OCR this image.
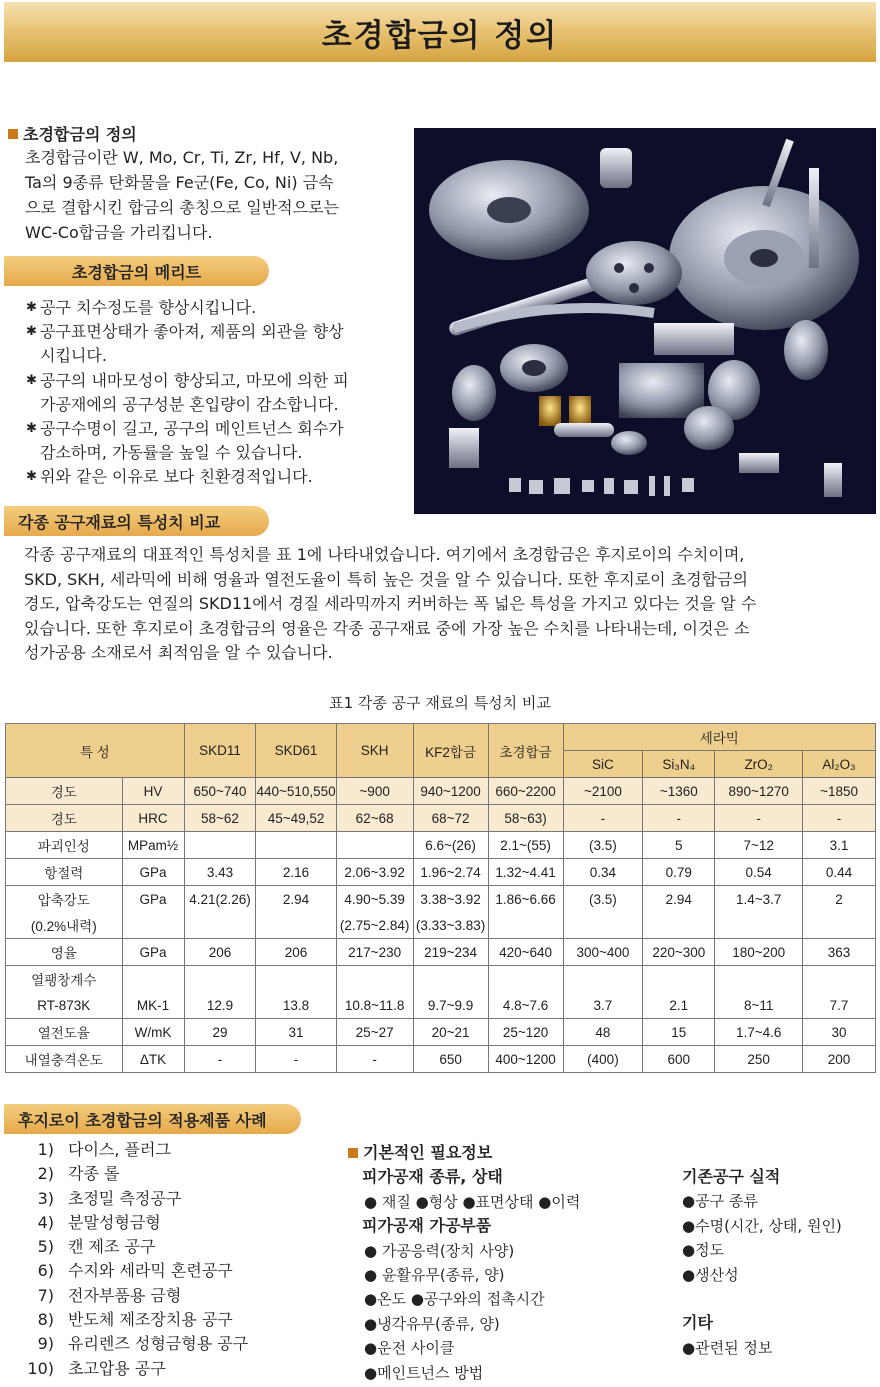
초경합금의 정의
초경합금의 정의
초경합금이란 W, Mo, Cr, Ti, Zr, Hf, V, Nb,
Ta의 9종류 탄화물을 Fe군(Fe, Co, Ni) 금속
으로 결합시킨 합금의 총칭으로 일반적으로는
WC-Co합금을 가리킵니다.
초경합금의 메리트
✱ 공구 치수정도를 향상시킵니다.
✱ 공구표면상태가 좋아져, 제품의 외관을 향상
시킵니다.
✱ 공구의 내마모성이 향상되고, 마모에 의한 피
가공재에의 공구성분 혼입량이 감소합니다.
✱ 공구수명이 길고, 공구의 메인트넌스 회수가
감소하며, 가동률을 높일 수 있습니다.
✱ 위와 같은 이유로 보다 친환경적입니다.
각종 공구재료의 특성치 비교
각종 공구재료의 대표적인 특성치를 표 1에 나타내었습니다. 여기에서 초경합금은 후지로이의 수치이며,
SKD, SKH, 세라믹에 비해 영율과 열전도율이 특히 높은 것을 알 수 있습니다. 또한 후지로이 초경합금의
경도, 압축강도는 연질의 SKD11에서 경질 세라믹까지 커버하는 폭 넓은 특성을 가지고 있다는 것을 알 수
있습니다. 또한 후지로이 초경합금의 영율은 각종 공구재료 중에 가장 높은 수치를 나타내는데, 이것은 소
성가공용 소재로서 최적임을 알 수 있습니다.
표1 각종 공구 재료의 특성치 비교
특 성		SKD11	SKD61	SKH	KF2합금	초경합금	세라믹			
							SiC	Si₃N₄	ZrO₂	Al₂O₃
경도	HV	650~740	440~510,550	~900	940~1200	660~2200	~2100	~1360	890~1270	~1850
경도	HRC	58~62	45~49,52	62~68	68~72	58~63)	-	-	-	-
파괴인성	MPam½				6.6~(26)	2.1~(55)	(3.5)	5	7~12	3.1
항절력	GPa	3.43	2.16	2.06~3.92	1.96~2.74	1.32~4.41	0.34	0.79	0.54	0.44
압축강도	GPa	4.21(2.26)	2.94	4.90~5.39	3.38~3.92	1.86~6.66	(3.5)	2.94	1.4~3.7	2
(0.2%내력)				(2.75~2.84)	(3.33~3.83)					
영율	GPa	206	206	217~230	219~234	420~640	300~400	220~300	180~200	363
열팽창계수										
RT-873K	MK-1	12.9	13.8	10.8~11.8	9.7~9.9	4.8~7.6	3.7	2.1	8~11	7.7
열전도율	W/mK	29	31	25~27	20~21	25~120	48	15	1.7~4.6	30
내열충격온도	ΔTK	-	-	-	650	400~1200	(400)	600	250	200
후지로이 초경합금의 적용제품 사례
1) 다이스, 플러그
2) 각종 롤
3) 초정밀 측정공구
4) 분말성형금형
5) 캔 제조 공구
6) 수지와 세라믹 혼련공구
7) 전자부품용 금형
8) 반도체 제조장치용 공구
9) 유리렌즈 성형금형용 공구
10) 초고압용 공구
기본적인 필요정보
피가공재 종류, 상태
● 재질 ●형상 ●표면상태 ●이력
피가공재 가공부품
● 가공응력(장치 사양)
● 윤활유무(종류, 양)
●온도 ●공구와의 접촉시간
●냉각유무(종류, 양)
●운전 사이클
●메인트넌스 방법
기존공구 실적
●공구 종류
●수명(시간, 상태, 원인)
●정도
●생산성
기타
●관련된 정보
